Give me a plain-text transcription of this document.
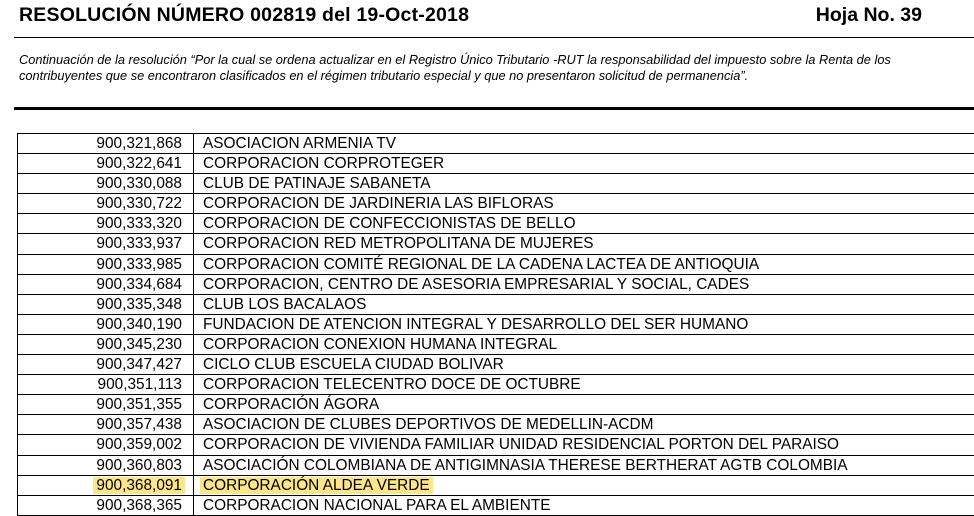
RESOLUCIÓN NÚMERO 002819 del 19-Oct-2018	Hoja No. 39
Continuación de la resolución “Por la cual se ordena actualizar en el Registro Único Tributario -RUT la responsabilidad del impuesto sobre la Renta de los contribuyentes que se encontraron clasificados en el régimen tributario especial y que no presentaron solicitud de permanencia”.
900,321,868	ASOCIACION ARMENIA TV
900,322,641	CORPORACION CORPROTEGER
900,330,088	CLUB DE PATINAJE SABANETA
900,330,722	CORPORACION DE JARDINERIA LAS BIFLORAS
900,333,320	CORPORACION DE CONFECCIONISTAS DE BELLO
900,333,937	CORPORACION RED METROPOLITANA DE MUJERES
900,333,985	CORPORACION COMITÉ REGIONAL DE LA CADENA LACTEA DE ANTIOQUIA
900,334,684	CORPORACION, CENTRO DE ASESORIA EMPRESARIAL Y SOCIAL, CADES
900,335,348	CLUB LOS BACALAOS
900,340,190	FUNDACION DE ATENCION INTEGRAL Y DESARROLLO DEL SER HUMANO
900,345,230	CORPORACION CONEXION HUMANA INTEGRAL
900,347,427	CICLO CLUB ESCUELA CIUDAD BOLIVAR
900,351,113	CORPORACION TELECENTRO DOCE DE OCTUBRE
900,351,355	CORPORACIÓN ÁGORA
900,357,438	ASOCIACION DE CLUBES DEPORTIVOS DE MEDELLIN-ACDM
900,359,002	CORPORACION DE VIVIENDA FAMILIAR UNIDAD RESIDENCIAL PORTON DEL PARAISO
900,360,803	ASOCIACIÓN COLOMBIANA DE ANTIGIMNASIA THERESE BERTHERAT AGTB COLOMBIA
900,368,091	CORPORACIÓN ALDEA VERDE
900,368,365	CORPORACION NACIONAL PARA EL AMBIENTE
